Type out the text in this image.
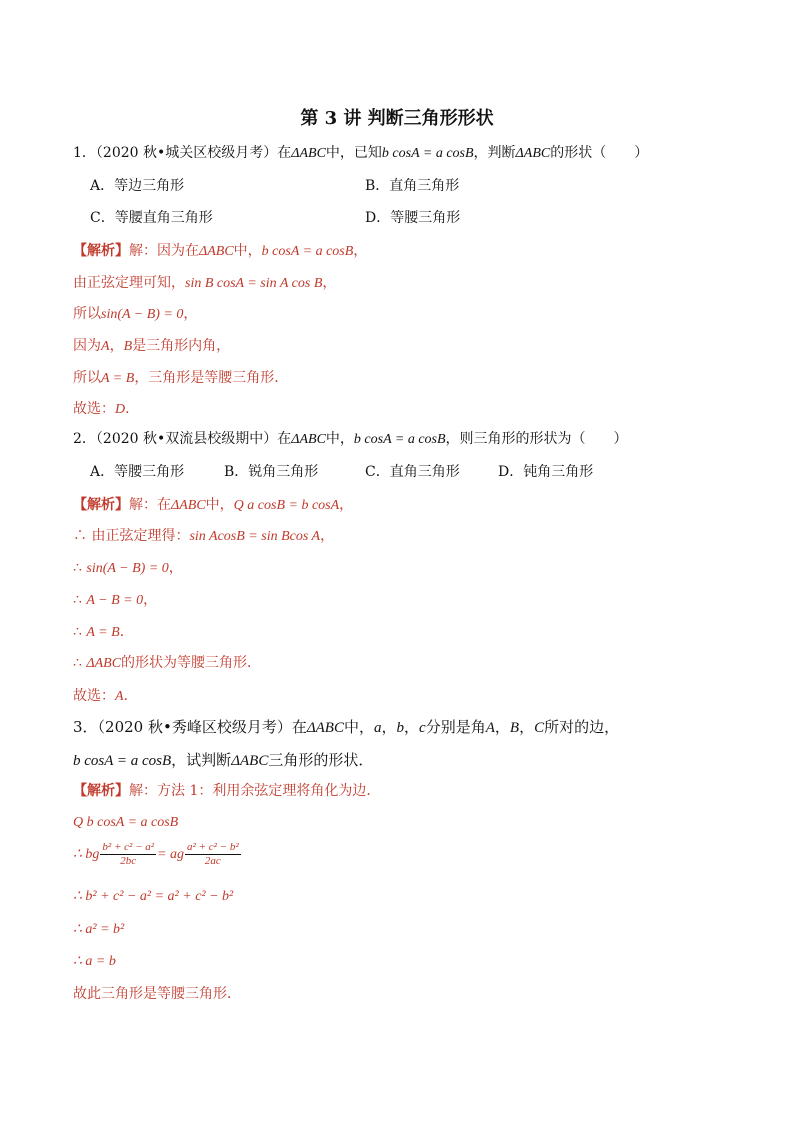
第 3 讲 判断三角形形状
1．（2020 秋•城关区校级月考）在ΔABC中，已知b cosA = a cosB，判断ΔABC的形状（　　）
A．等边三角形	B．直角三角形
C．等腰直角三角形	D．等腰三角形
【解析】解：因为在ΔABC中，b cosA = a cosB，
由正弦定理可知，sin B cosA = sin A cos B，
所以sin(A − B) = 0，
因为A，B是三角形内角，
所以A = B，三角形是等腰三角形．
故选：D．
2．（2020 秋•双流县校级期中）在ΔABC中，b cosA = a cosB，则三角形的形状为（　　）
A．等腰三角形	B．锐角三角形	C．直角三角形	D．钝角三角形
【解析】解：在ΔABC中，Q a cosB = b cosA，
∴ 由正弦定理得：sin AcosB = sin Bcos A，
∴ sin(A − B) = 0，
∴ A − B = 0，
∴ A = B．
∴ ΔABC的形状为等腰三角形．
故选：A．
3．（2020 秋•秀峰区校级月考）在ΔABC中，a，b，c分别是角A，B，C所对的边，
b cosA = a cosB，试判断ΔABC三角形的形状．
【解析】解：方法 1：利用余弦定理将角化为边．
Q b cosA = a cosB
∴ bg $\frac{\text{b² + c² − a²}}{2bc}$ = ag $\frac{\text{a² + c² − b²}}{2ac}$
∴ b² + c² − a² = a² + c² − b²
∴ a² = b²
∴ a = b
故此三角形是等腰三角形．
